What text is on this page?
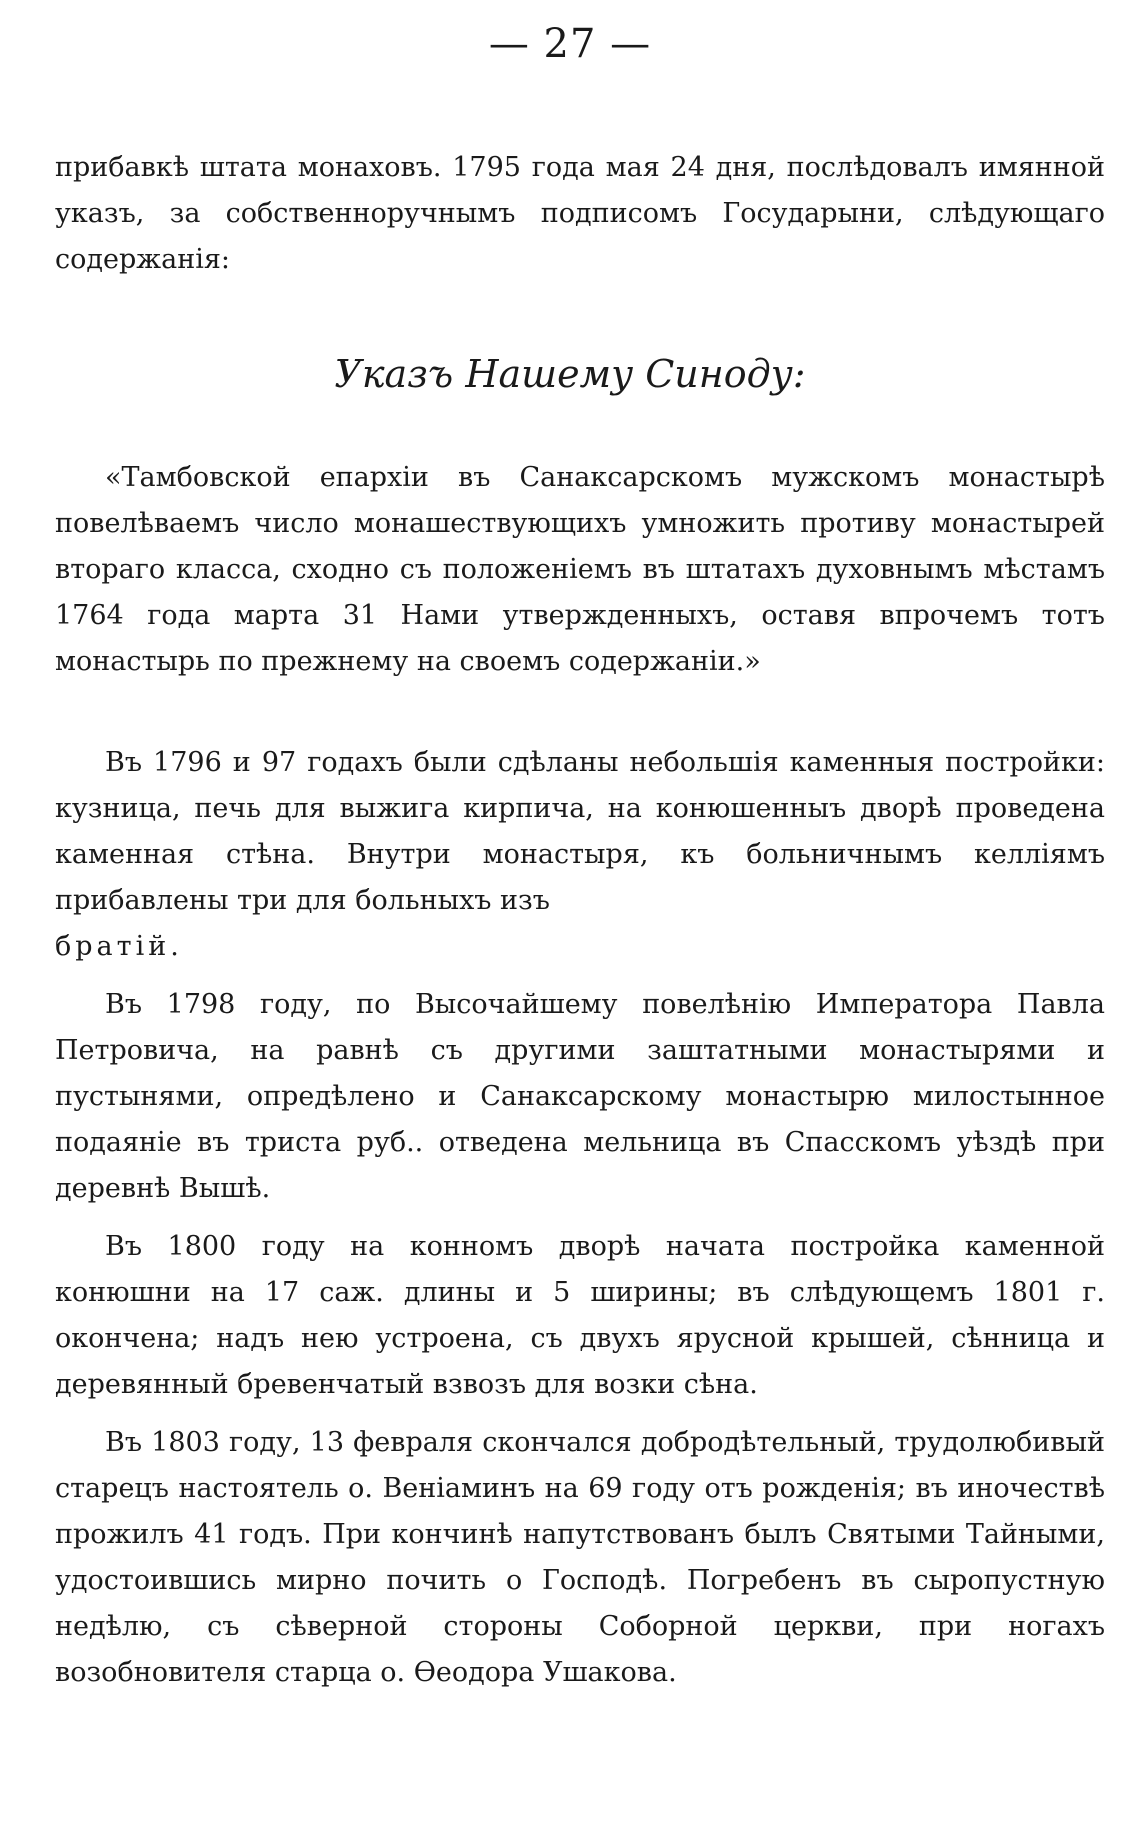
— 27 —

прибавкѣ штата монаховъ. 1795 года мая 24 дня, послѣдовалъ имянной указъ, за собственноручнымъ подписомъ Государыни, слѣдующаго содержанія:

Указъ Нашему Синоду:

«Тамбовской епархіи въ Санаксарскомъ мужскомъ монастырѣ повелѣваемъ число монашествующихъ умножить противу монастырей втораго класса, сходно съ положеніемъ въ штатахъ духовнымъ мѣстамъ 1764 года марта 31 Нами утвержденныхъ, оставя впрочемъ тотъ монастырь по прежнему на своемъ содержаніи.»

Въ 1796 и 97 годахъ были сдѣланы небольшія каменныя постройки: кузница, печь для выжига кирпича, на конюшенныъ дворѣ проведена каменная стѣна. Внутри монастыря, къ больничнымъ келліямъ прибавлены три для больныхъ изъ
братій.

Въ 1798 году, по Высочайшему повелѣнію Императора Павла Петровича, на равнѣ съ другими заштатными монастырями и пустынями, опредѣлено и Санаксарскому монастырю милостынное подаяніе въ триста руб.. отведена мельница въ Спасскомъ уѣздѣ при деревнѣ Вышѣ.

Въ 1800 году на конномъ дворѣ начата постройка каменной конюшни на 17 саж. длины и 5 ширины; въ слѣдующемъ 1801 г. окончена; надъ нею устроена, съ двухъ ярусной крышей, сѣнница и деревянный бревенчатый взвозъ для возки сѣна.

Въ 1803 году, 13 февраля скончался добродѣтельный, трудолюбивый старецъ настоятель о. Веніаминъ на 69 году отъ рожденія; въ иночествѣ прожилъ 41 годъ. При кончинѣ напутствованъ былъ Святыми Тайными, удостоившись мирно почить о Господѣ. Погребенъ въ сыропустную недѣлю, съ сѣверной стороны Соборной церкви, при ногахъ возобновителя старца о. Ѳеодора Ушакова.
